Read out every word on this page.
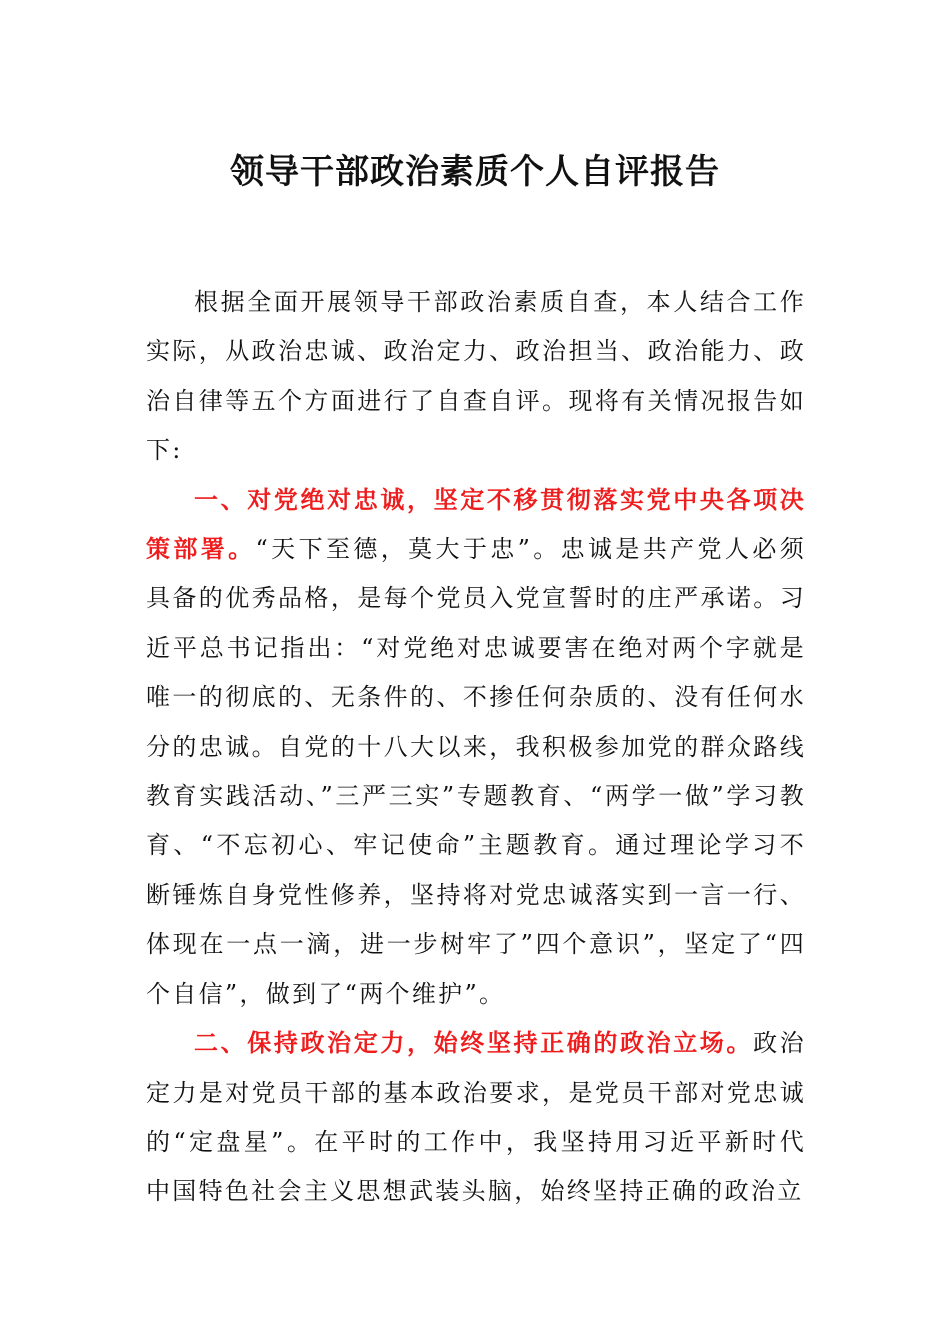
领导干部政治素质个人自评报告

根据全面开展领导干部政治素质自查，本人结合工作实际，从政治忠诚、政治定力、政治担当、政治能力、政治自律等五个方面进行了自查自评。现将有关情况报告如下:

一、对党绝对忠诚，坚定不移贯彻落实党中央各项决策部署。“天下至德，莫大于忠”。忠诚是共产党人必须具备的优秀品格，是每个党员入党宣誓时的庄严承诺。习近平总书记指出：“对党绝对忠诚要害在绝对两个字就是唯一的彻底的、无条件的、不掺任何杂质的、没有任何水分的忠诚。自党的十八大以来，我积极参加党的群众路线教育实践活动、”三严三实”专题教育、“两学一做”学习教育、“不忘初心、牢记使命”主题教育。通过理论学习不断锤炼自身党性修养，坚持将对党忠诚落实到一言一行、体现在一点一滴，进一步树牢了”四个意识”，坚定了“四个自信”，做到了“两个维护”。

二、保持政治定力，始终坚持正确的政治立场。政治定力是对党员干部的基本政治要求，是党员干部对党忠诚的“定盘星”。在平时的工作中，我坚持用习近平新时代中国特色社会主义思想武装头脑，始终坚持正确的政治立
